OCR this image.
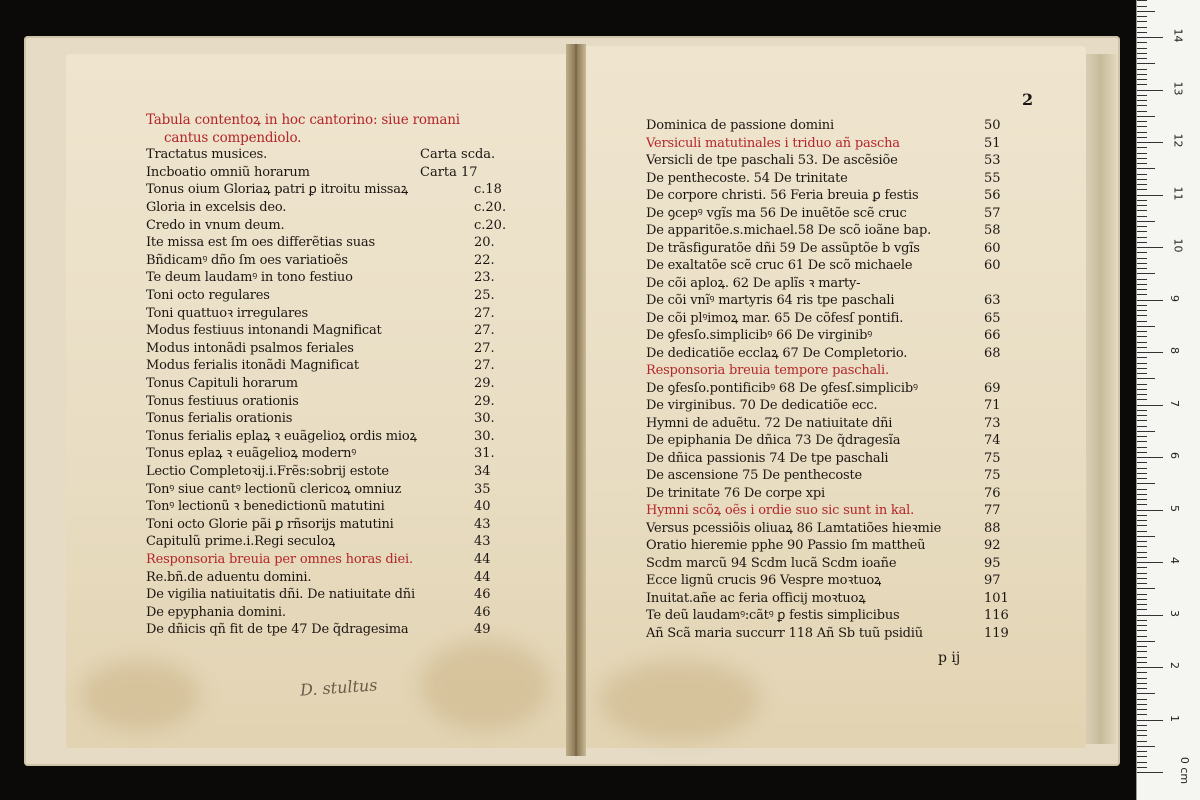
Tabula contentoꝝ in hoc cantorino: siue romani
cantus compendiolo.
Tractatus musices.	Carta scda.
Incboatio omniũ horarum	Carta 17
Tonus oium Gloriaꝝ patri ꝑ itroitu missaꝝ	c.18
Gloria in excelsis deo.	c.20.
Credo in vnum deum.	c.20.
Ite missa est ſm oes differẽtias suas	20.
Bñdicamꝰ dño ſm oes variatioẽs	22.
Te deum laudamꝰ in tono festiuo	23.
Toni octo regulares	25.
Toni quattuoꝛ irregulares	27.
Modus festiuus intonandi Magnificat	27.
Modus intonãdi psalmos feriales	27.
Modus ferialis itonãdi Magnificat	27.
Tonus Capituli horarum	29.
Tonus festiuus orationis	29.
Tonus ferialis orationis	30.
Tonus ferialis eplaꝝ ꝛ euãgelioꝝ ordis mioꝝ	30.
Tonus eplaꝝ ꝛ euãgelioꝝ modernꝰ	31.
Lectio Completoꝛij.i.Frẽs:sobrij estote	34
Tonꝰ siue cantꝰ lectionũ clericoꝝ omniuz	35
Tonꝰ lectionũ ꝛ benedictionũ matutini	40
Toni octo Glorie pãi ꝑ rñsorijs matutini	43
Capitulũ prime.i.Regi seculoꝝ	43
Responsoria breuia per omnes horas diei.	44
Re.bñ.de aduentu domini.	44
De vigilia natiuitatis dñi. De natiuitate dñi	46
De epyphania domini.	46
De dñicis qñ fit de tpe 47 De q̃dragesima	49
Dominica de passione domini	50
Versiculi matutinales i triduo añ pascha	51
Versicli de tpe paschali 53. De ascẽsiõe	53
De penthecoste. 54 De trinitate	55
De corpore christi. 56 Feria breuia ꝑ festis	56
De ꝯcepꝰ vgĩs ma 56 De inuẽtõe scẽ cruc	57
De apparitõe.s.michael.58 De scõ ioãne bap.	58
De trãsfiguratõe dñi 59 De assũptõe b vgĩs	60
De exaltatõe scẽ cruc 61 De scõ michaele	60
De cõi aploꝝ. 62 De aplĩs ꝛ marty-
De cõi vnĩꝰ martyris 64 ris tpe paschali	63
De cõi plꝰimoꝝ mar. 65 De cõfesſ pontifi.	65
De ꝯfesſo.simplicibꝰ 66 De virginibꝰ	66
De dedicatiõe ecclaꝝ 67 De Completorio.	68
Responsoria breuia tempore paschali.
De ꝯfesſo.pontificibꝰ 68 De ꝯfesſ.simplicibꝰ	69
De virginibus. 70 De dedicatiõe ecc.	71
Hymni de aduẽtu. 72 De natiuitate dñi	73
De epiphania De dñica 73 De q̃dragesĩa	74
De dñica passionis 74 De tpe paschali	75
De ascensione 75 De penthecoste	75
De trinitate 76 De corpe xpi	76
Hymni scõꝝ oẽs i ordie suo sic sunt in kal.	77
Versus pcessiõis oliuaꝝ 86 Lamtatiões hieꝛmie	88
Oratio hieremie pphe 90 Passio ſm mattheũ	92
Scdm marcũ 94 Scdm lucã Scdm ioañe	95
Ecce lignũ crucis 96 Vespre moꝛtuoꝝ	97
Inuitat.añe ac feria officij moꝛtuoꝝ	101
Te deũ laudamꝰ:cãtꝰ ꝑ festis simplicibus	116
Añ Scã maria succurr 118 Añ Sb tuũ psidiũ	119
2
p ij
D. stultus
14
13
12
11
10
9
8
7
6
5
4
3
2
1
0 cm
